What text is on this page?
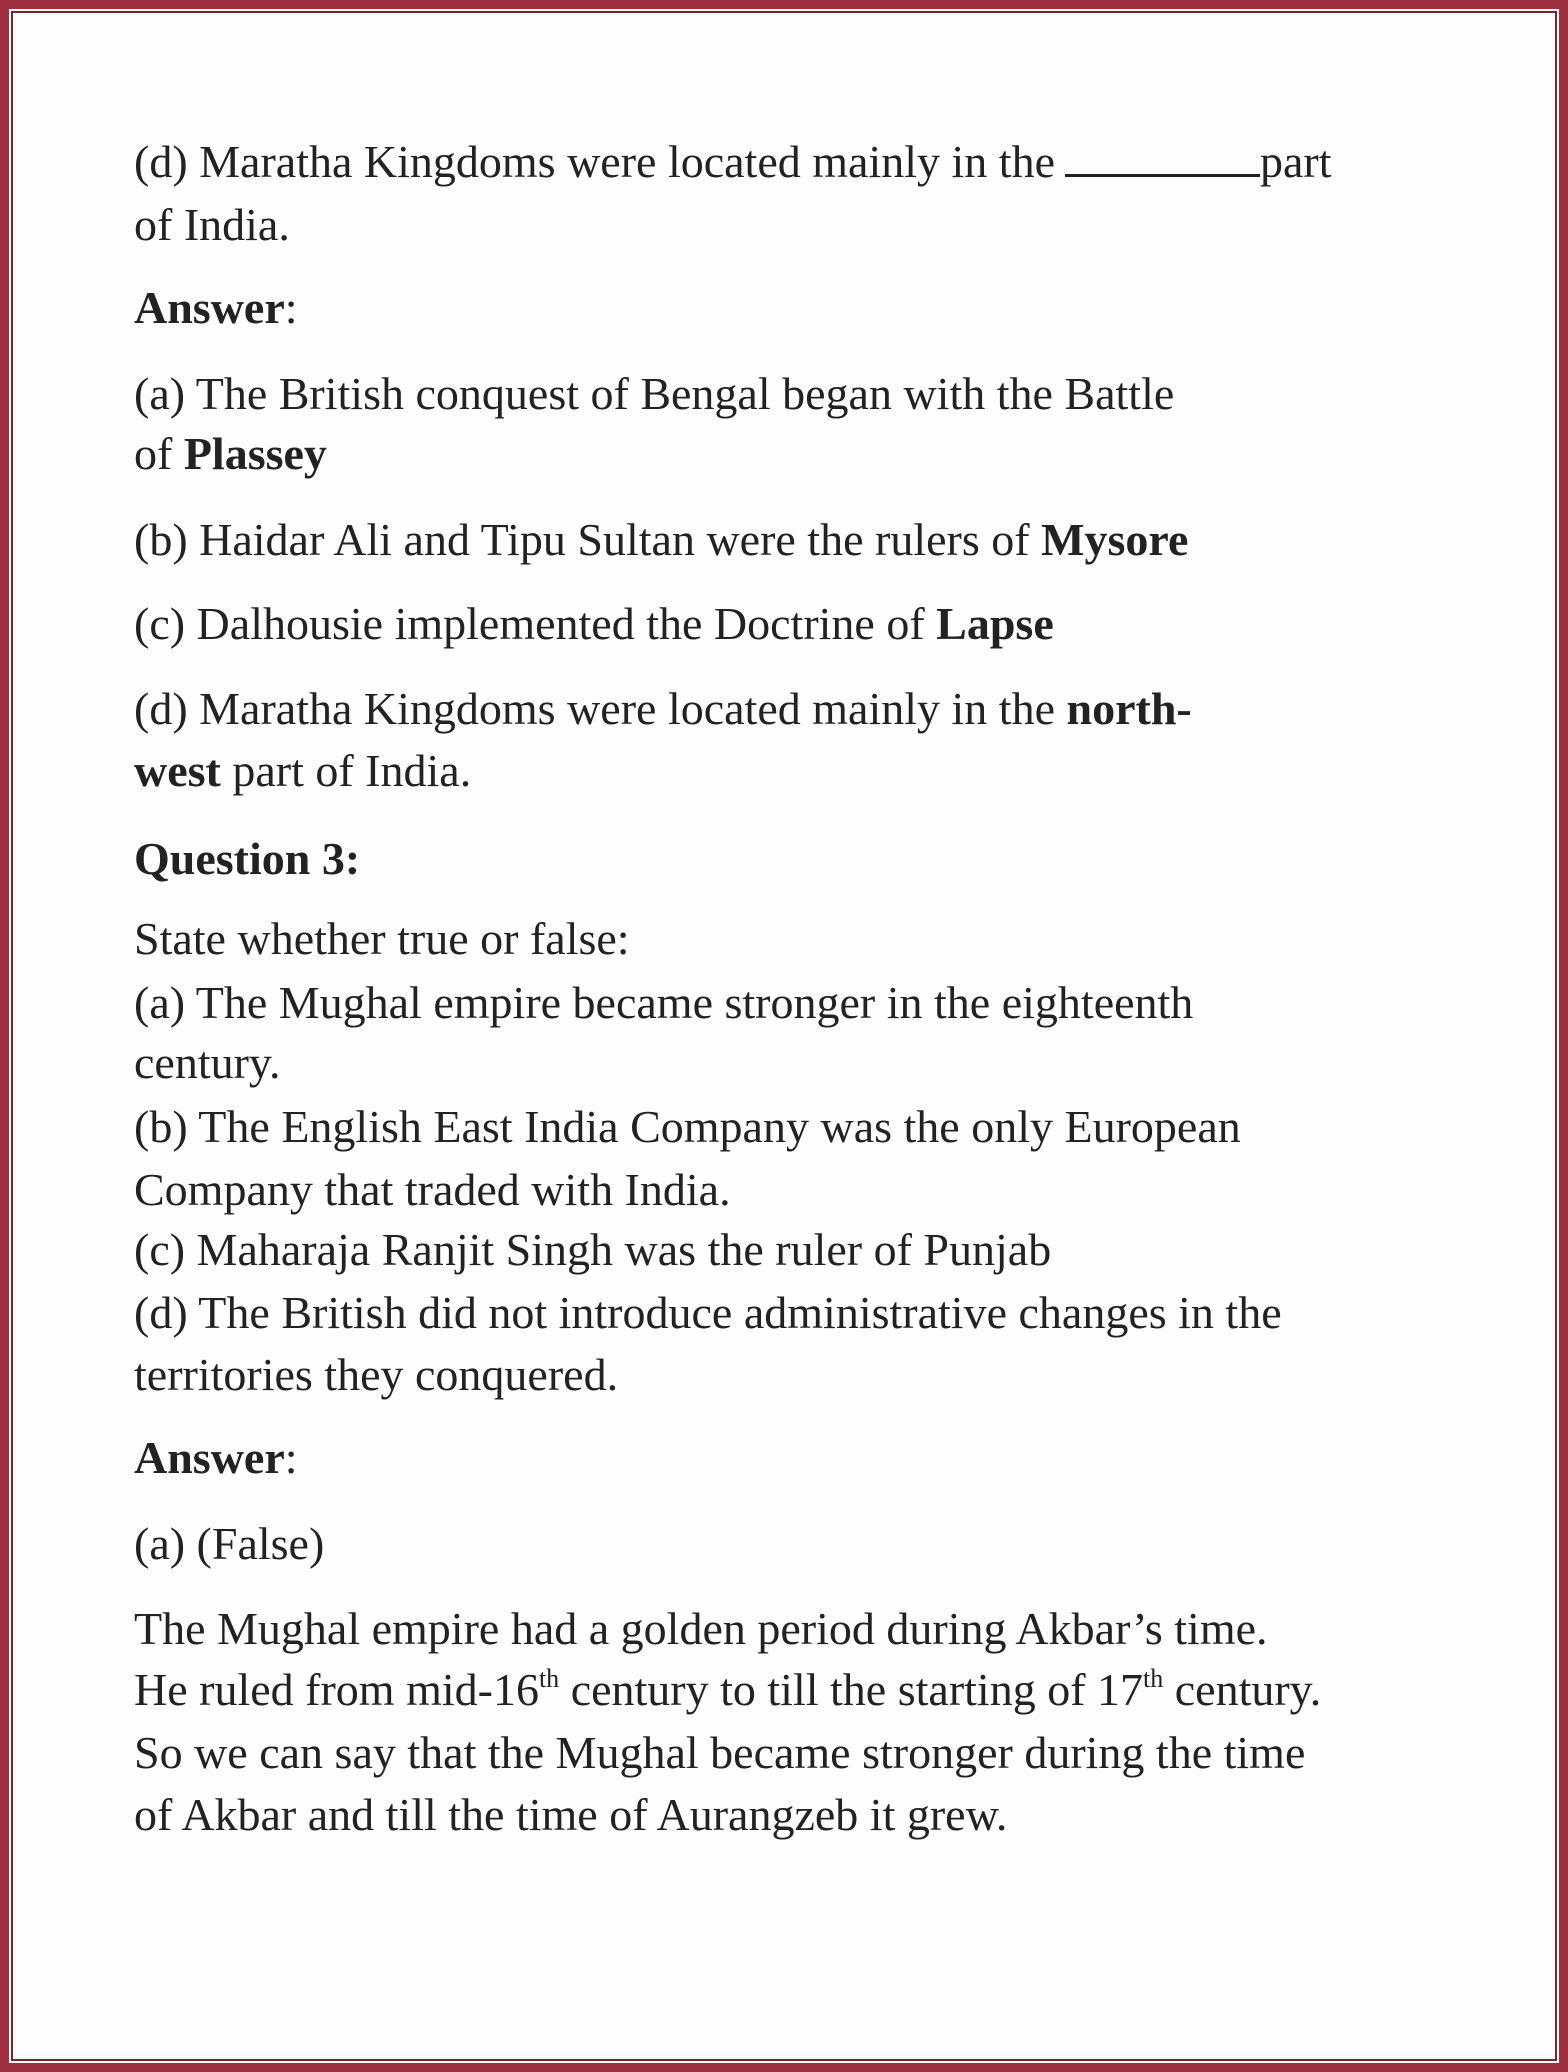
(d) Maratha Kingdoms were located mainly in the	part
of India.
Answer:
(a) The British conquest of Bengal began with the Battle
of Plassey
(b) Haidar Ali and Tipu Sultan were the rulers of Mysore
(c) Dalhousie implemented the Doctrine of Lapse
(d) Maratha Kingdoms were located mainly in the north-
west part of India.
Question 3:
State whether true or false:
(a) The Mughal empire became stronger in the eighteenth
century.
(b) The English East India Company was the only European
Company that traded with India.
(c) Maharaja Ranjit Singh was the ruler of Punjab
(d) The British did not introduce administrative changes in the
territories they conquered.
Answer:
(a) (False)
The Mughal empire had a golden period during Akbar’s time.
He ruled from mid-16th century to till the starting of 17th century.
So we can say that the Mughal became stronger during the time
of Akbar and till the time of Aurangzeb it grew.
